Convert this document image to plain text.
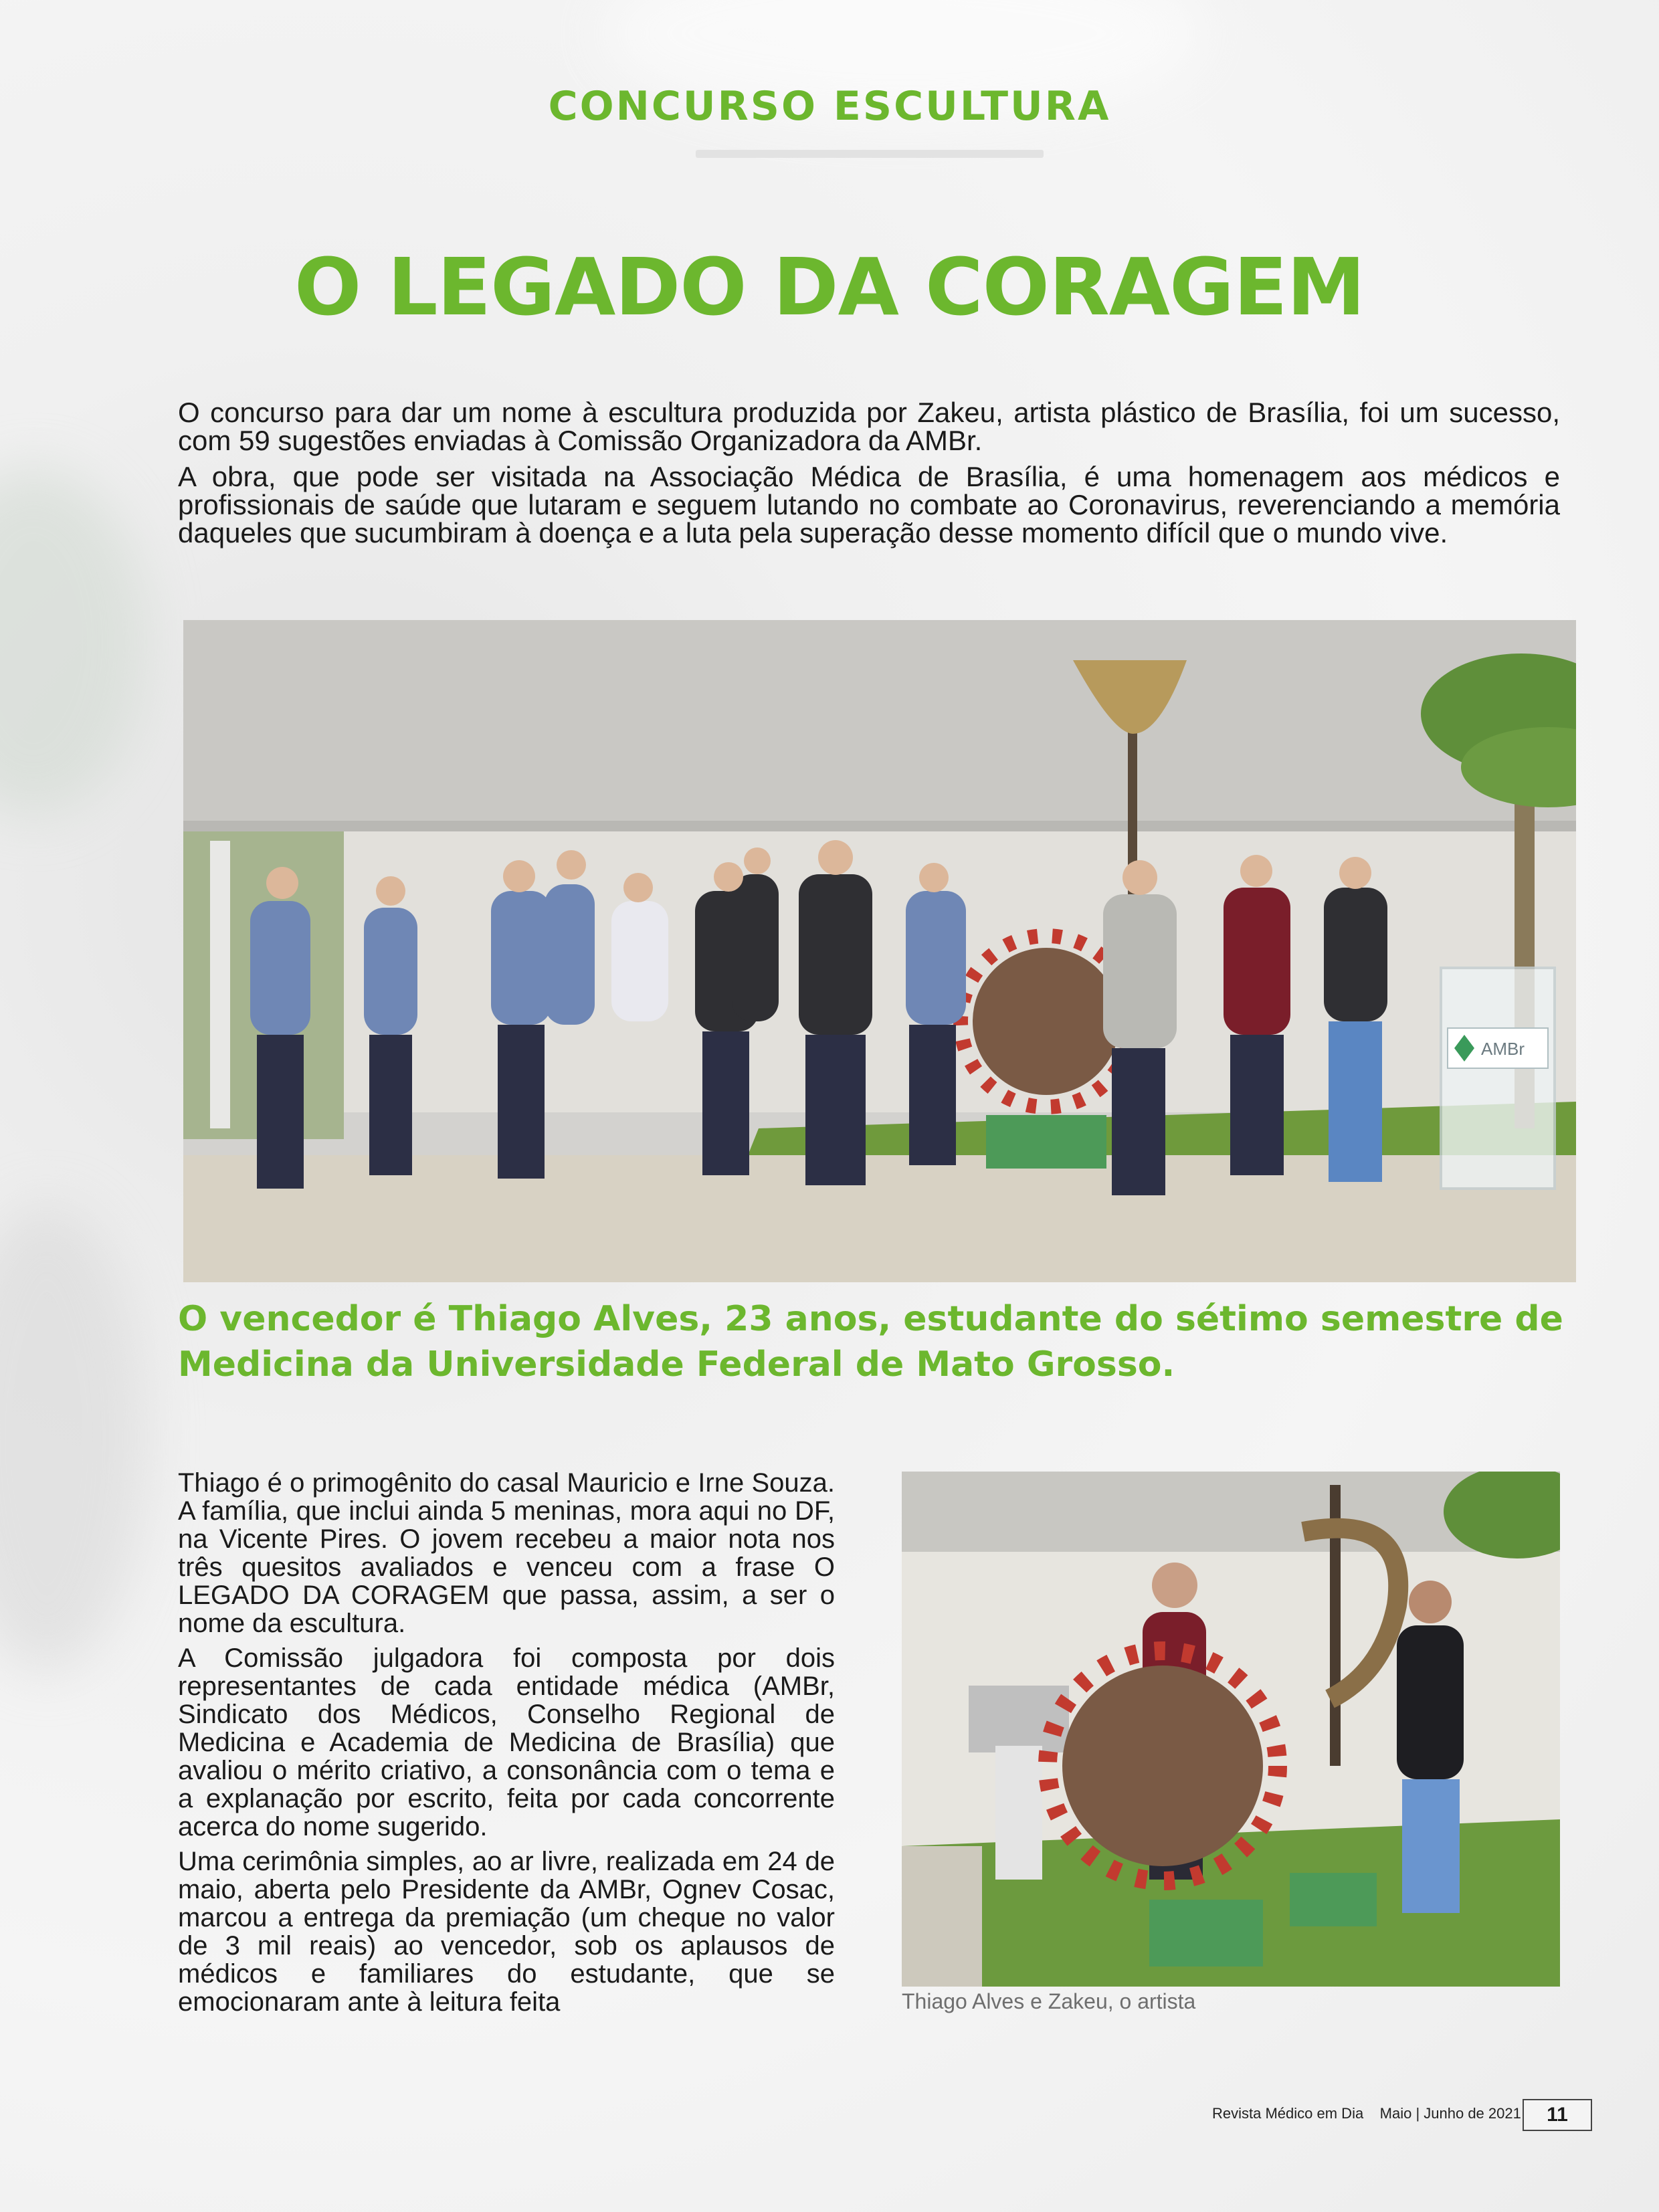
CONCURSO ESCULTURA
O LEGADO DA CORAGEM

O concurso para dar um nome à escultura produzida por Zakeu, artista plástico de Brasília, foi um sucesso, com 59 sugestões enviadas à Comissão Organizadora da AMBr.

A obra, que pode ser visitada na Associação Médica de Brasília, é uma homenagem aos médicos e profissionais de saúde que lutaram e seguem lutando no combate ao Coronavirus, reverenciando a memória daqueles que sucumbiram à doença e a luta pela superação desse momento difícil que o mundo vive.

AMBr
O vencedor é Thiago Alves, 23 anos, estudante do sétimo semestre de Medicina da Universidade Federal de Mato Grosso.

Thiago é o primogênito do casal Mauricio e Irne Souza. A família, que inclui ainda 5 meninas, mora aqui no DF, na Vicente Pires. O jovem recebeu a maior nota nos três quesitos avaliados e venceu com a frase O LEGADO DA CORAGEM que passa, assim, a ser o nome da escultura.

A Comissão julgadora foi composta por dois representantes de cada entidade médica (AMBr, Sindicato dos Médicos, Conselho Regional de Medicina e Academia de Medicina de Brasília) que avaliou o mérito criativo, a consonância com o tema e a explanação por escrito, feita por cada concorrente acerca do nome sugerido.

Uma cerimônia simples, ao ar livre, realizada em 24 de maio, aberta pelo Presidente da AMBr, Ognev Cosac, marcou a entrega da premiação (um cheque no valor de 3 mil reais) ao vencedor, sob os aplausos de médicos e familiares do estudante, que se emocionaram ante à leitura feita	Thiago Alves e Zakeu, o artista
Revista Médico em Dia Maio | Junho de 2021	11
